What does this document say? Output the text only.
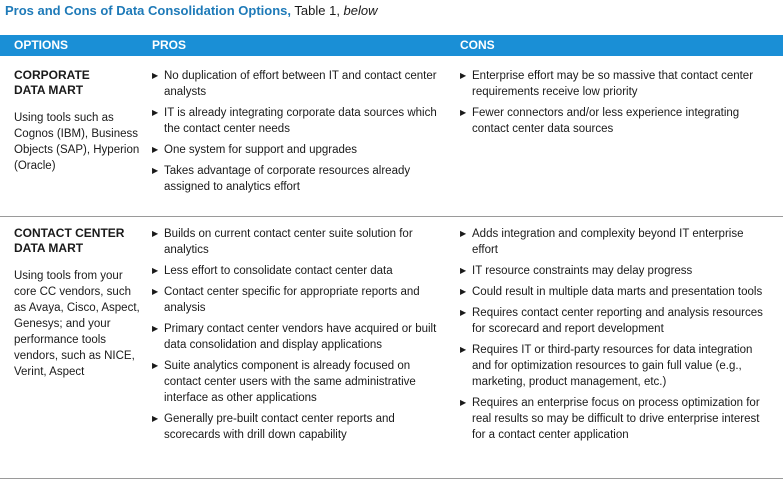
Pros and Cons of Data Consolidation Options, Table 1, below
OPTIONS	PROS	CONS
CORPORATE
DATA MART
Using tools such as Cognos (IBM), Business Objects (SAP), Hyperion (Oracle)
▶ No duplication of effort between IT and contact center analysts
▶ IT is already integrating corporate data sources which the contact center needs
▶ One system for support and upgrades
▶ Takes advantage of corporate resources already assigned to analytics effort
▶ Enterprise effort may be so massive that contact center requirements receive low priority
▶ Fewer connectors and/or less experience integrating contact center data sources
CONTACT CENTER
DATA MART
Using tools from your core CC vendors, such as Avaya, Cisco, Aspect, Genesys; and your performance tools vendors, such as NICE, Verint, Aspect
▶ Builds on current contact center suite solution for analytics
▶ Less effort to consolidate contact center data
▶ Contact center specific for appropriate reports and analysis
▶ Primary contact center vendors have acquired or built data consolidation and display applications
▶ Suite analytics component is already focused on contact center users with the same administrative interface as other applications
▶ Generally pre-built contact center reports and scorecards with drill down capability
▶ Adds integration and complexity beyond IT enterprise effort
▶ IT resource constraints may delay progress
▶ Could result in multiple data marts and presentation tools
▶ Requires contact center reporting and analysis resources for scorecard and report development
▶ Requires IT or third-party resources for data integration and for optimization resources to gain full value (e.g., marketing, product management, etc.)
▶ Requires an enterprise focus on process optimization for real results so may be difficult to drive enterprise interest for a contact center application
